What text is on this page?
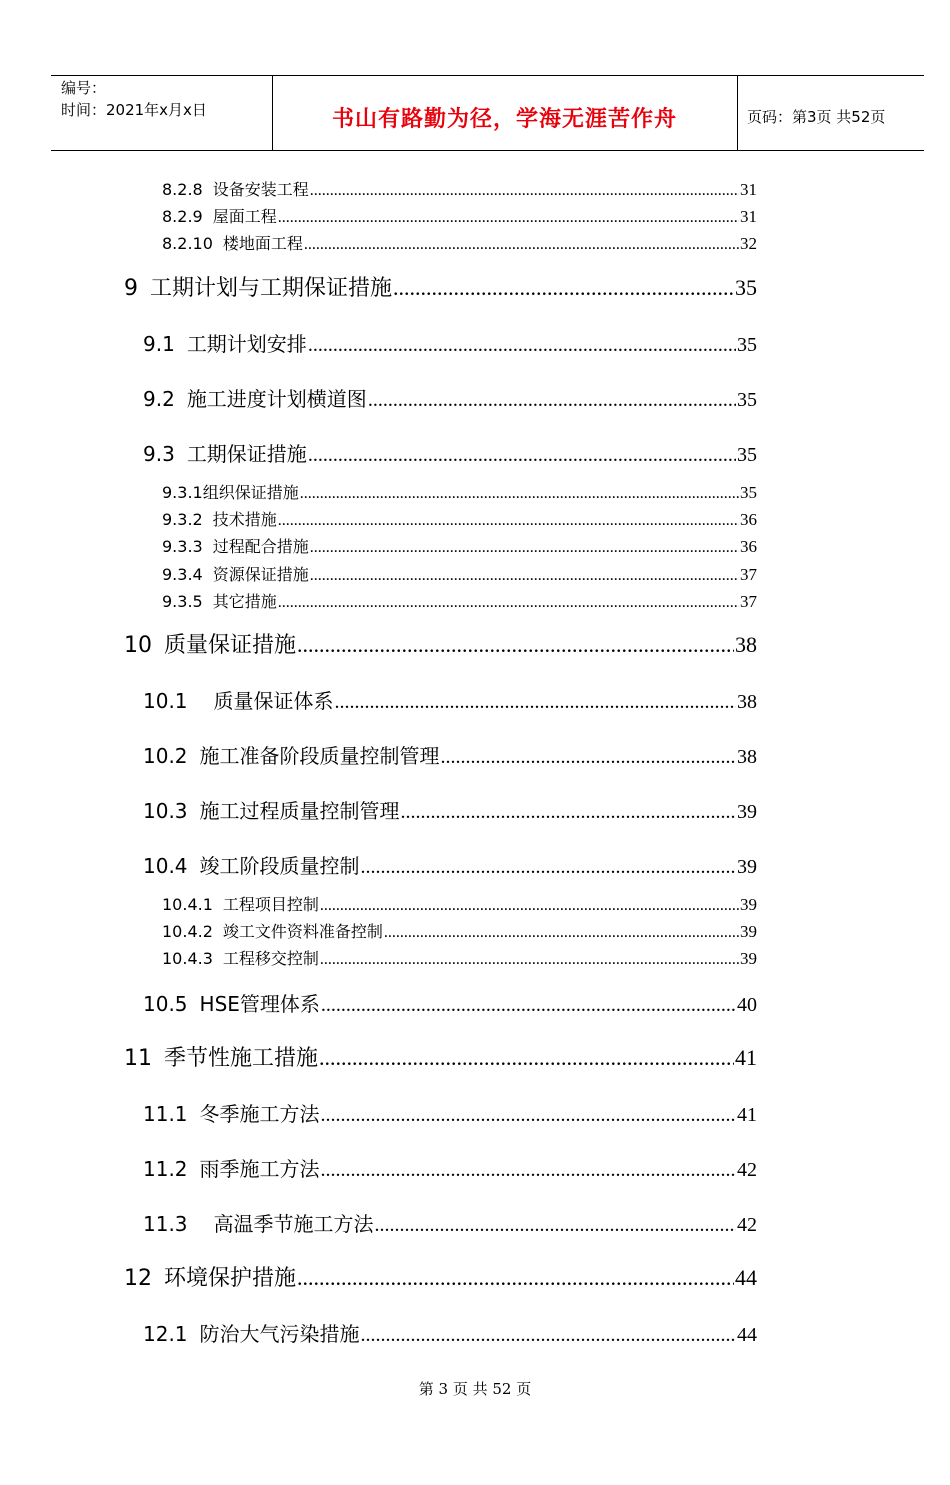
编号：
时间：2021年x月x日	书山有路勤为径，学海无涯苦作舟	页码：第3页 共52页
8.2.8 设备安装工程 .....	31
8.2.9 屋面工程 .....	31
8.2.10 楼地面工程 .....	32
9 工期计划与工期保证措施 .....	35
9.1 工期计划安排 .....	35
9.2 施工进度计划横道图 .....	35
9.3 工期保证措施 .....	35
9.3.1 组织保证措施 .....	35
9.3.2 技术措施 .....	36
9.3.3 过程配合措施 .....	36
9.3.4 资源保证措施 .....	37
9.3.5 其它措施 .....	37
10 质量保证措施 .....	38
10.1 质量保证体系 .....	38
10.2 施工准备阶段质量控制管理 .....	38
10.3 施工过程质量控制管理 .....	39
10.4 竣工阶段质量控制 .....	39
10.4.1 工程项目控制 .....	39
10.4.2 竣工文件资料准备控制 .....	39
10.4.3 工程移交控制 .....	39
10.5 HSE管理体系 .....	40
11 季节性施工措施 .....	41
11.1 冬季施工方法 .....	41
11.2 雨季施工方法 .....	42
11.3 高温季节施工方法 .....	42
12 环境保护措施 .....	44
12.1 防治大气污染措施 .....	44
第 3 页 共 52 页
